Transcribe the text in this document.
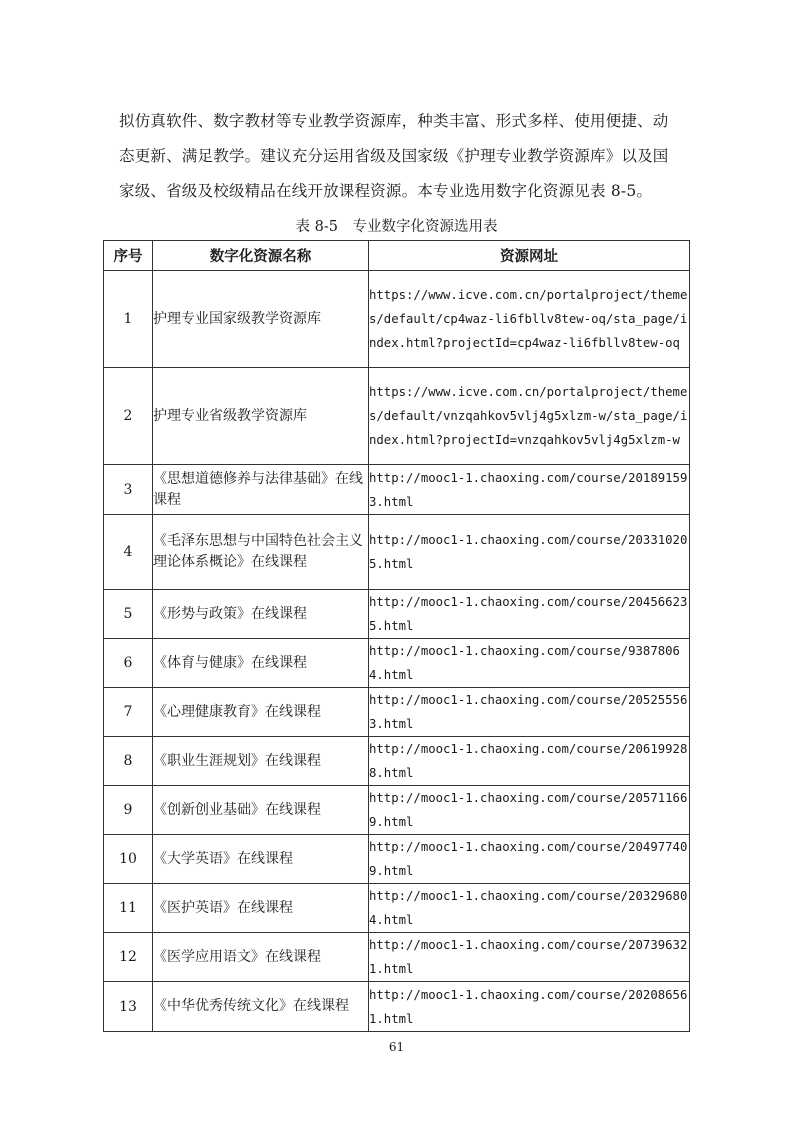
拟仿真软件、数字教材等专业教学资源库，种类丰富、形式多样、使用便捷、动态更新、满足教学。建议充分运用省级及国家级《护理专业教学资源库》以及国家级、省级及校级精品在线开放课程资源。本专业选用数字化资源见表 8-5。

表 8-5　专业数字化资源选用表
序号	数字化资源名称	资源网址
1	护理专业国家级教学资源库	https://www.icve.com.cn/portalproject/themes/default/cp4waz-li6fbllv8tew-oq/sta_page/index.html?projectId=cp4waz-li6fbllv8tew-oq
2	护理专业省级教学资源库	https://www.icve.com.cn/portalproject/themes/default/vnzqahkov5vlj4g5xlzm-w/sta_page/index.html?projectId=vnzqahkov5vlj4g5xlzm-w
3	《思想道德修养与法律基础》在线课程	http://mooc1-1.chaoxing.com/course/201891593.html
4	《毛泽东思想与中国特色社会主义理论体系概论》在线课程	http://mooc1-1.chaoxing.com/course/203310205.html
5	《形势与政策》在线课程	http://mooc1-1.chaoxing.com/course/204566235.html
6	《体育与健康》在线课程	http://mooc1-1.chaoxing.com/course/93878064.html
7	《心理健康教育》在线课程	http://mooc1-1.chaoxing.com/course/205255563.html
8	《职业生涯规划》在线课程	http://mooc1-1.chaoxing.com/course/206199288.html
9	《创新创业基础》在线课程	http://mooc1-1.chaoxing.com/course/205711669.html
10	《大学英语》在线课程	http://mooc1-1.chaoxing.com/course/204977409.html
11	《医护英语》在线课程	http://mooc1-1.chaoxing.com/course/203296804.html
12	《医学应用语文》在线课程	http://mooc1-1.chaoxing.com/course/207396321.html
13	《中华优秀传统文化》在线课程	http://mooc1-1.chaoxing.com/course/202086561.html
61
